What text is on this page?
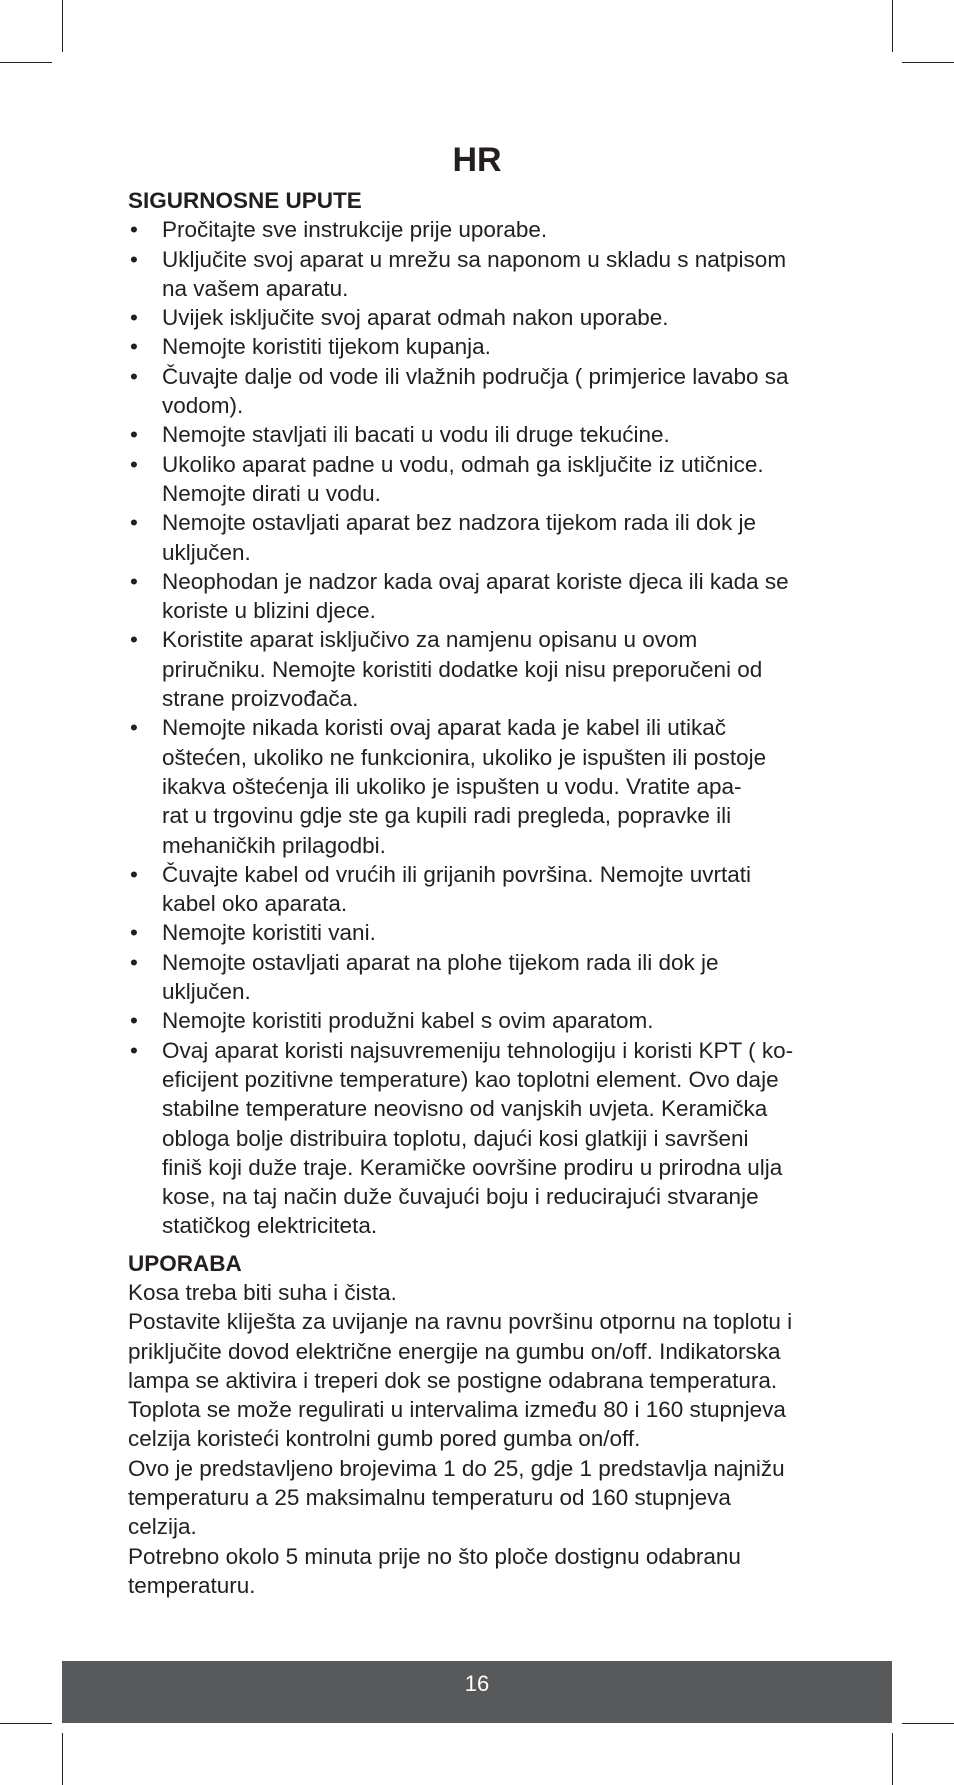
HR
SIGURNOSNE UPUTE
• Pročitajte sve instrukcije prije uporabe.
• Uključite svoj aparat u mrežu sa naponom u skladu s natpisom
na vašem aparatu.
• Uvijek isključite svoj aparat odmah nakon uporabe.
• Nemojte koristiti tijekom kupanja.
• Čuvajte dalje od vode ili vlažnih područja ( primjerice lavabo sa
vodom).
• Nemojte stavljati ili bacati u vodu ili druge tekućine.
• Ukoliko aparat padne u vodu, odmah ga isključite iz utičnice.
Nemojte dirati u vodu.
• Nemojte ostavljati aparat bez nadzora tijekom rada ili dok je
uključen.
• Neophodan je nadzor kada ovaj aparat koriste djeca ili kada se
koriste u blizini djece.
• Koristite aparat isključivo za namjenu opisanu u ovom
priručniku. Nemojte koristiti dodatke koji nisu preporučeni od
strane proizvođača.
• Nemojte nikada koristi ovaj aparat kada je kabel ili utikač
oštećen, ukoliko ne funkcionira, ukoliko je ispušten ili postoje
ikakva oštećenja ili ukoliko je ispušten u vodu. Vratite apa-
rat u trgovinu gdje ste ga kupili radi pregleda, popravke ili
mehaničkih prilagodbi.
• Čuvajte kabel od vrućih ili grijanih površina. Nemojte uvrtati
kabel oko aparata.
• Nemojte koristiti vani.
• Nemojte ostavljati aparat na plohe tijekom rada ili dok je
uključen.
• Nemojte koristiti produžni kabel s ovim aparatom.
• Ovaj aparat koristi najsuvremeniju tehnologiju i koristi KPT ( ko-
eficijent pozitivne temperature) kao toplotni element. Ovo daje
stabilne temperature neovisno od vanjskih uvjeta. Keramička
obloga bolje distribuira toplotu, dajući kosi glatkiji i savršeni
finiš koji duže traje. Keramičke oovršine prodiru u prirodna ulja
kose, na taj način duže čuvajući boju i reducirajući stvaranje
statičkog elektriciteta.
UPORABA
Kosa treba biti suha i čista.
Postavite kliješta za uvijanje na ravnu površinu otpornu na toplotu i
priključite dovod električne energije na gumbu on/off. Indikatorska
lampa se aktivira i treperi dok se postigne odabrana temperatura.
Toplota se može regulirati u intervalima između 80 i 160 stupnjeva
celzija koristeći kontrolni gumb pored gumba on/off.
Ovo je predstavljeno brojevima 1 do 25, gdje 1 predstavlja najnižu
temperaturu a 25 maksimalnu temperaturu od 160 stupnjeva
celzija.
Potrebno okolo 5 minuta prije no što ploče dostignu odabranu
temperaturu.
16
